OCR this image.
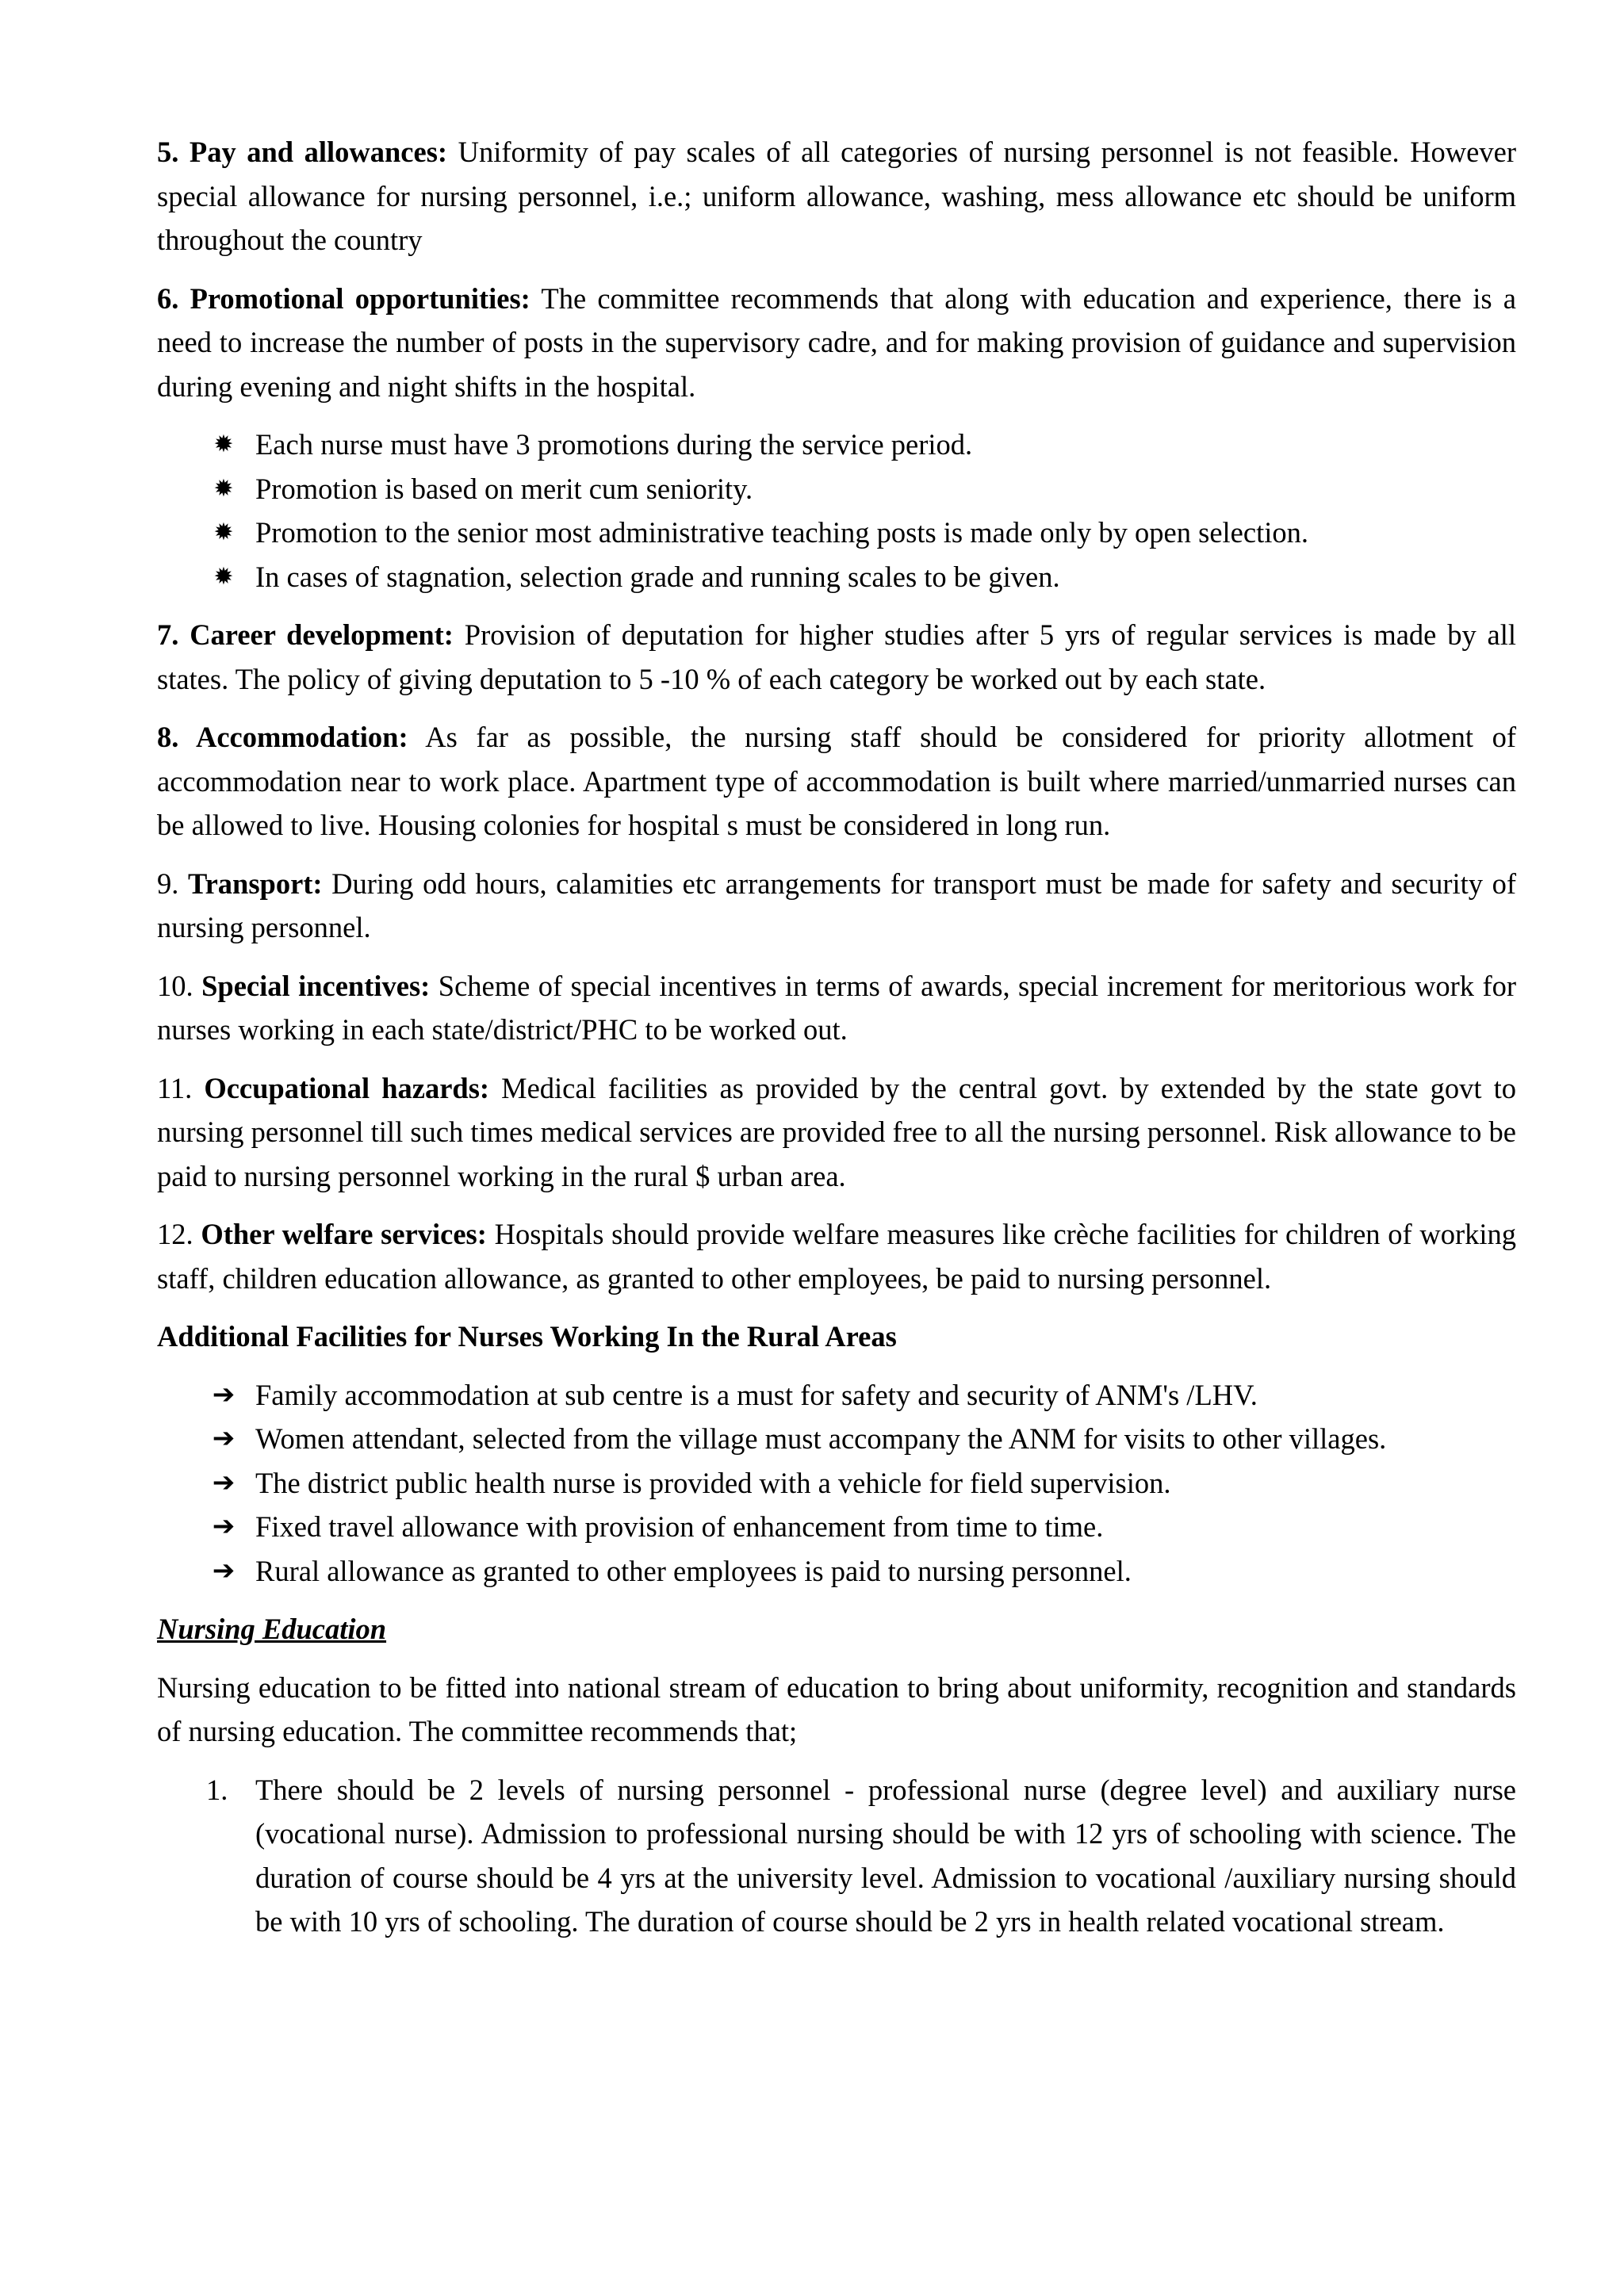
5. Pay and allowances: Uniformity of pay scales of all categories of nursing personnel is not feasible. However special allowance for nursing personnel, i.e.; uniform allowance, washing, mess allowance etc should be uniform throughout the country

6. Promotional opportunities: The committee recommends that along with education and experience, there is a need to increase the number of posts in the supervisory cadre, and for making provision of guidance and supervision during evening and night shifts in the hospital.

✹ Each nurse must have 3 promotions during the service period.
✹ Promotion is based on merit cum seniority.
✹ Promotion to the senior most administrative teaching posts is made only by open selection.
✹ In cases of stagnation, selection grade and running scales to be given.

7. Career development: Provision of deputation for higher studies after 5 yrs of regular services is made by all states. The policy of giving deputation to 5 -10 % of each category be worked out by each state.

8. Accommodation: As far as possible, the nursing staff should be considered for priority allotment of accommodation near to work place. Apartment type of accommodation is built where married/unmarried nurses can be allowed to live. Housing colonies for hospital s must be considered in long run.

9. Transport: During odd hours, calamities etc arrangements for transport must be made for safety and security of nursing personnel.

10. Special incentives: Scheme of special incentives in terms of awards, special increment for meritorious work for nurses working in each state/district/PHC to be worked out.

11. Occupational hazards: Medical facilities as provided by the central govt. by extended by the state govt to nursing personnel till such times medical services are provided free to all the nursing personnel. Risk allowance to be paid to nursing personnel working in the rural $ urban area.

12. Other welfare services: Hospitals should provide welfare measures like crèche facilities for children of working staff, children education allowance, as granted to other employees, be paid to nursing personnel.

Additional Facilities for Nurses Working In the Rural Areas
➔ Family accommodation at sub centre is a must for safety and security of ANM's /LHV.
➔ Women attendant, selected from the village must accompany the ANM for visits to other villages.
➔ The district public health nurse is provided with a vehicle for field supervision.
➔ Fixed travel allowance with provision of enhancement from time to time.
➔ Rural allowance as granted to other employees is paid to nursing personnel.
Nursing Education

Nursing education to be fitted into national stream of education to bring about uniformity, recognition and standards of nursing education. The committee recommends that;

1. There should be 2 levels of nursing personnel - professional nurse (degree level) and auxiliary nurse (vocational nurse). Admission to professional nursing should be with 12 yrs of schooling with science. The duration of course should be 4 yrs at the university level. Admission to vocational /auxiliary nursing should be with 10 yrs of schooling. The duration of course should be 2 yrs in health related vocational stream.
